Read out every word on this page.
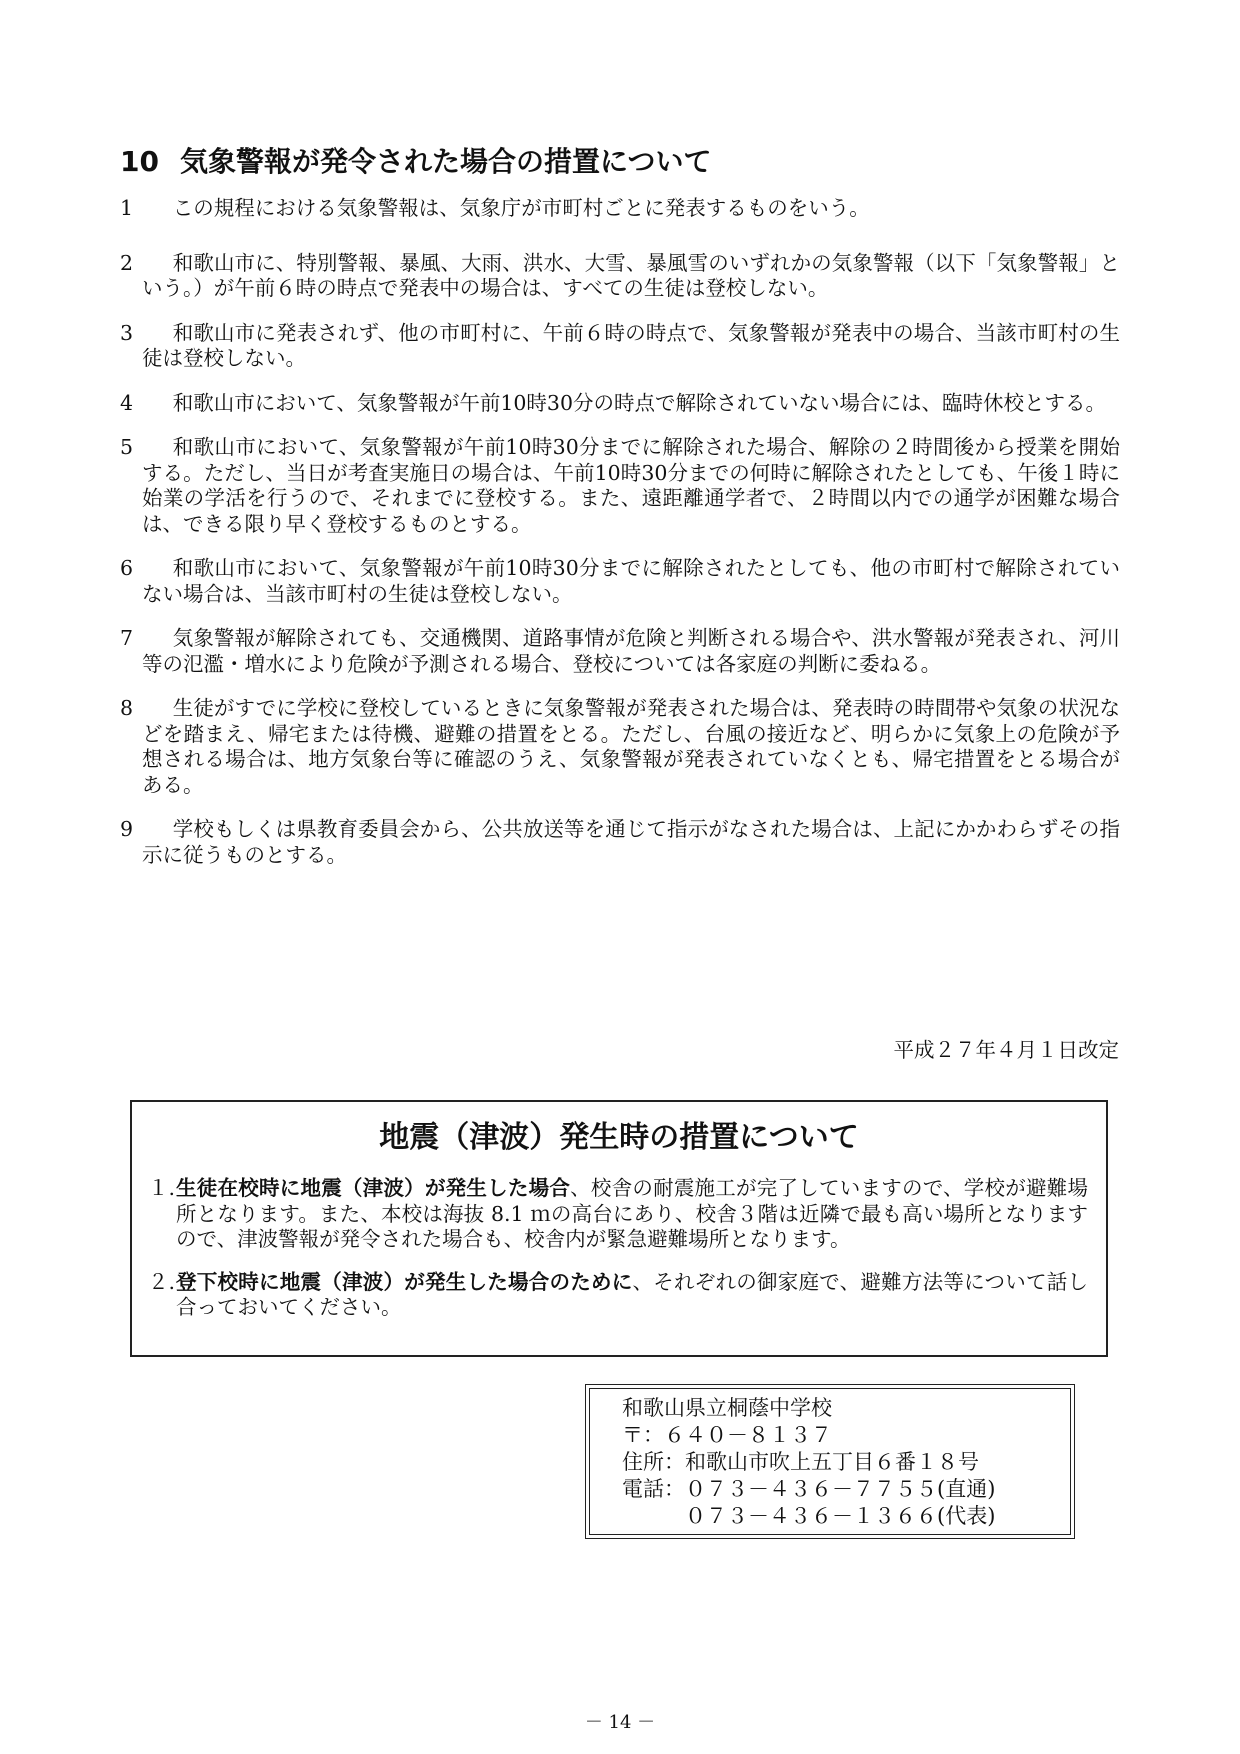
10 気象警報が発令された場合の措置について
1	この規程における気象警報は、気象庁が市町村ごとに発表するものをいう。
2	和歌山市に、特別警報、暴風、大雨、洪水、大雪、暴風雪のいずれかの気象警報（以下「気象警報」という。）が午前６時の時点で発表中の場合は、すべての生徒は登校しない。
3	和歌山市に発表されず、他の市町村に、午前６時の時点で、気象警報が発表中の場合、当該市町村の生徒は登校しない。
4	和歌山市において、気象警報が午前10時30分の時点で解除されていない場合には、臨時休校とする。
5	和歌山市において、気象警報が午前10時30分までに解除された場合、解除の２時間後から授業を開始する。ただし、当日が考査実施日の場合は、午前10時30分までの何時に解除されたとしても、午後１時に始業の学活を行うので、それまでに登校する。また、遠距離通学者で、２時間以内での通学が困難な場合は、できる限り早く登校するものとする。
6	和歌山市において、気象警報が午前10時30分までに解除されたとしても、他の市町村で解除されていない場合は、当該市町村の生徒は登校しない。
7	気象警報が解除されても、交通機関、道路事情が危険と判断される場合や、洪水警報が発表され、河川等の氾濫・増水により危険が予測される場合、登校については各家庭の判断に委ねる。
8	生徒がすでに学校に登校しているときに気象警報が発表された場合は、発表時の時間帯や気象の状況などを踏まえ、帰宅または待機、避難の措置をとる。ただし、台風の接近など、明らかに気象上の危険が予想される場合は、地方気象台等に確認のうえ、気象警報が発表されていなくとも、帰宅措置をとる場合がある。
9	学校もしくは県教育委員会から、公共放送等を通じて指示がなされた場合は、上記にかかわらずその指示に従うものとする。
平成２７年４月１日改定
地震（津波）発生時の措置について
１. 生徒在校時に地震（津波）が発生した場合、校舎の耐震施工が完了していますので、学校が避難場所となります。また、本校は海抜 8.1 ｍの高台にあり、校舎３階は近隣で最も高い場所となりますので、津波警報が発令された場合も、校舎内が緊急避難場所となります。
２. 登下校時に地震（津波）が発生した場合のために、それぞれの御家庭で、避難方法等について話し合っておいてください。
和歌山県立桐蔭中学校
〒：６４０－８１３７
住所：和歌山市吹上五丁目６番１８号
電話：０７３－４３６－７７５５(直通)
　　　０７３－４３６－１３６６(代表)
－ 14 －
